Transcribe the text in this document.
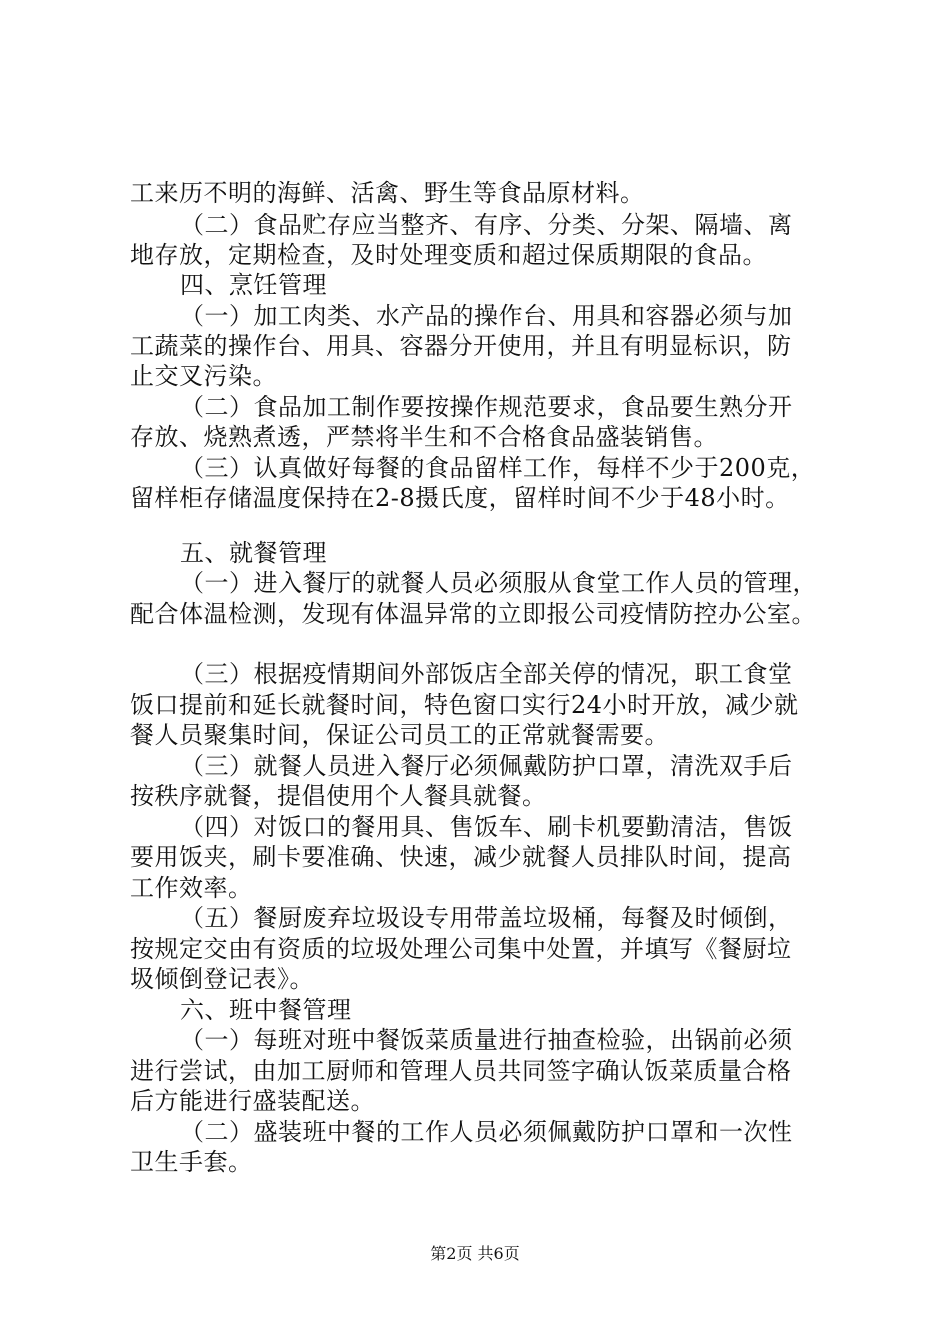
工来历不明的海鲜、活禽、野生等食品原材料。
（二）食品贮存应当整齐、有序、分类、分架、隔墙、离
地存放，定期检查，及时处理变质和超过保质期限的食品。
四、烹饪管理
（一）加工肉类、水产品的操作台、用具和容器必须与加
工蔬菜的操作台、用具、容器分开使用，并且有明显标识，防
止交叉污染。
（二）食品加工制作要按操作规范要求，食品要生熟分开
存放、烧熟煮透，严禁将半生和不合格食品盛装销售。
（三）认真做好每餐的食品留样工作，每样不少于200克，
留样柜存储温度保持在2-8摄氏度，留样时间不少于48小时。
五、就餐管理
（一）进入餐厅的就餐人员必须服从食堂工作人员的管理，
配合体温检测，发现有体温异常的立即报公司疫情防控办公室。
（三）根据疫情期间外部饭店全部关停的情况，职工食堂
饭口提前和延长就餐时间，特色窗口实行24小时开放，减少就
餐人员聚集时间，保证公司员工的正常就餐需要。
（三）就餐人员进入餐厅必须佩戴防护口罩，清洗双手后
按秩序就餐，提倡使用个人餐具就餐。
（四）对饭口的餐用具、售饭车、刷卡机要勤清洁，售饭
要用饭夹，刷卡要准确、快速，减少就餐人员排队时间，提高
工作效率。
（五）餐厨废弃垃圾设专用带盖垃圾桶，每餐及时倾倒，
按规定交由有资质的垃圾处理公司集中处置，并填写《餐厨垃
圾倾倒登记表》。
六、班中餐管理
（一）每班对班中餐饭菜质量进行抽查检验，出锅前必须
进行尝试，由加工厨师和管理人员共同签字确认饭菜质量合格
后方能进行盛装配送。
（二）盛装班中餐的工作人员必须佩戴防护口罩和一次性
卫生手套。
第2页 共6页
